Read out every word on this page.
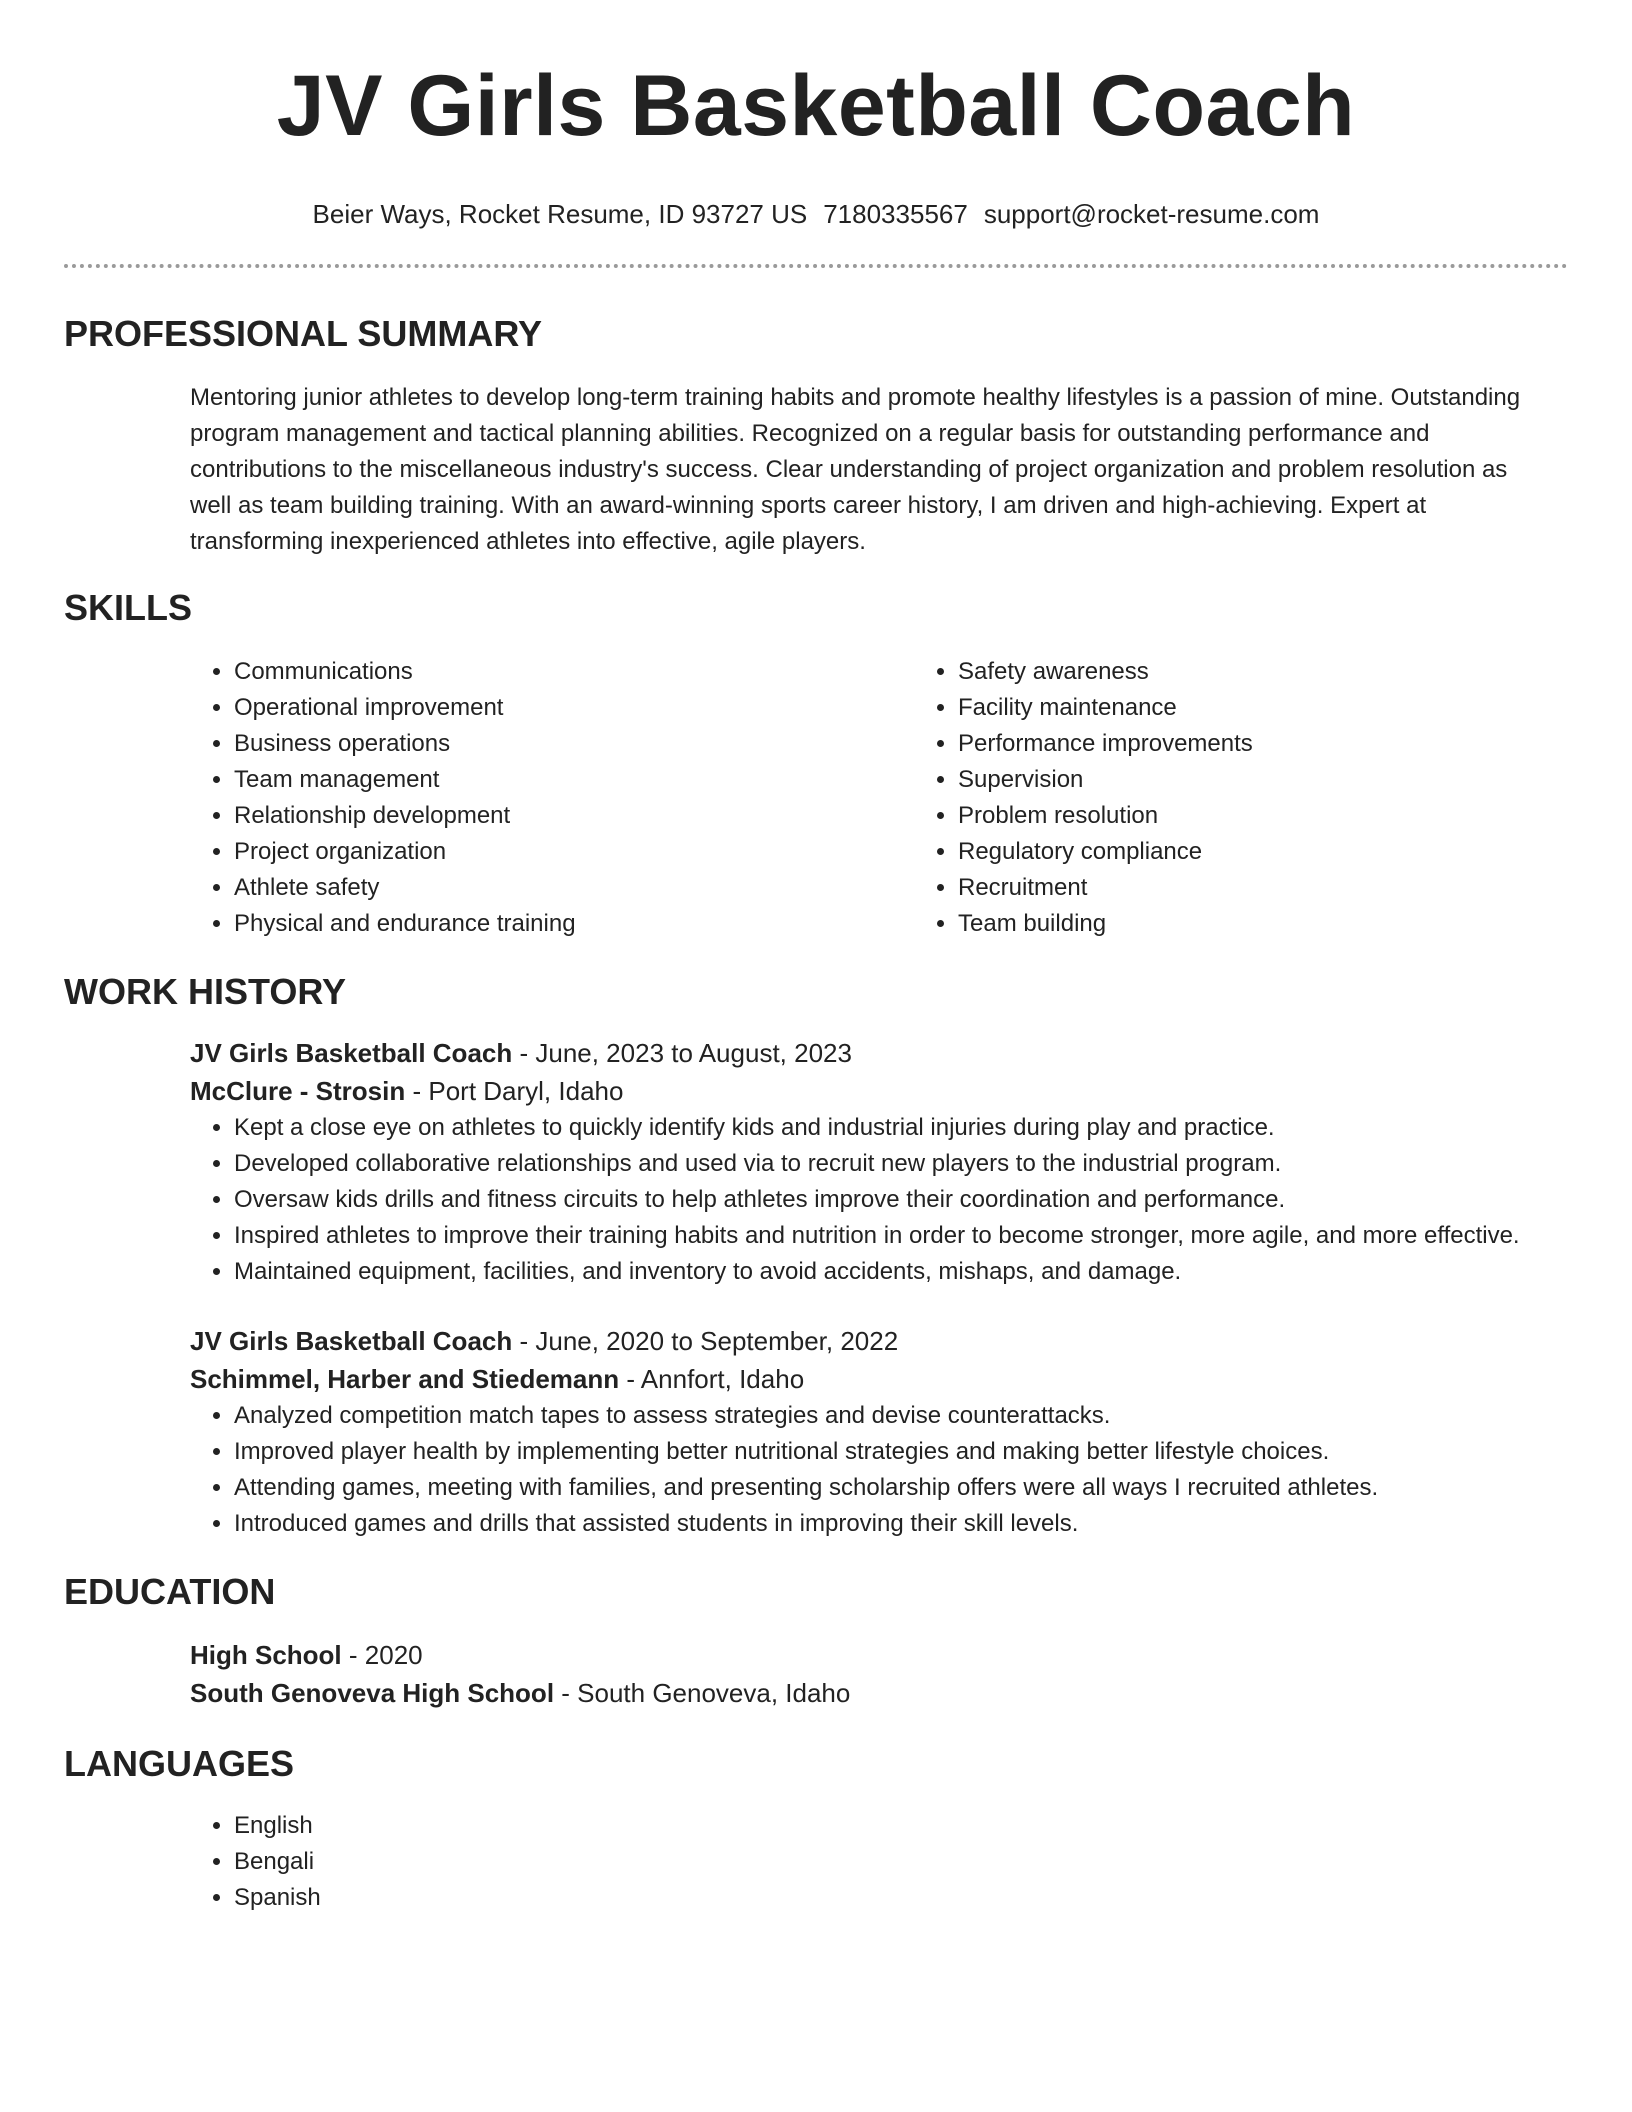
JV Girls Basketball Coach
Beier Ways, Rocket Resume, ID 93727 US 7180335567 support@rocket-resume.com
PROFESSIONAL SUMMARY
Mentoring junior athletes to develop long-term training habits and promote healthy lifestyles is a passion of mine. Outstanding program management and tactical planning abilities. Recognized on a regular basis for outstanding performance and contributions to the miscellaneous industry's success. Clear understanding of project organization and problem resolution as well as team building training. With an award-winning sports career history, I am driven and high-achieving. Expert at transforming inexperienced athletes into effective, agile players.
SKILLS
• Communications
• Operational improvement
• Business operations
• Team management
• Relationship development
• Project organization
• Athlete safety
• Physical and endurance training
• Safety awareness
• Facility maintenance
• Performance improvements
• Supervision
• Problem resolution
• Regulatory compliance
• Recruitment
• Team building
WORK HISTORY
JV Girls Basketball Coach - June, 2023 to August, 2023
McClure - Strosin - Port Daryl, Idaho
• Kept a close eye on athletes to quickly identify kids and industrial injuries during play and practice.
• Developed collaborative relationships and used via to recruit new players to the industrial program.
• Oversaw kids drills and fitness circuits to help athletes improve their coordination and performance.
• Inspired athletes to improve their training habits and nutrition in order to become stronger, more agile, and more effective.
• Maintained equipment, facilities, and inventory to avoid accidents, mishaps, and damage.
JV Girls Basketball Coach - June, 2020 to September, 2022
Schimmel, Harber and Stiedemann - Annfort, Idaho
• Analyzed competition match tapes to assess strategies and devise counterattacks.
• Improved player health by implementing better nutritional strategies and making better lifestyle choices.
• Attending games, meeting with families, and presenting scholarship offers were all ways I recruited athletes.
• Introduced games and drills that assisted students in improving their skill levels.
EDUCATION
High School - 2020
South Genoveva High School - South Genoveva, Idaho
LANGUAGES
• English
• Bengali
• Spanish
